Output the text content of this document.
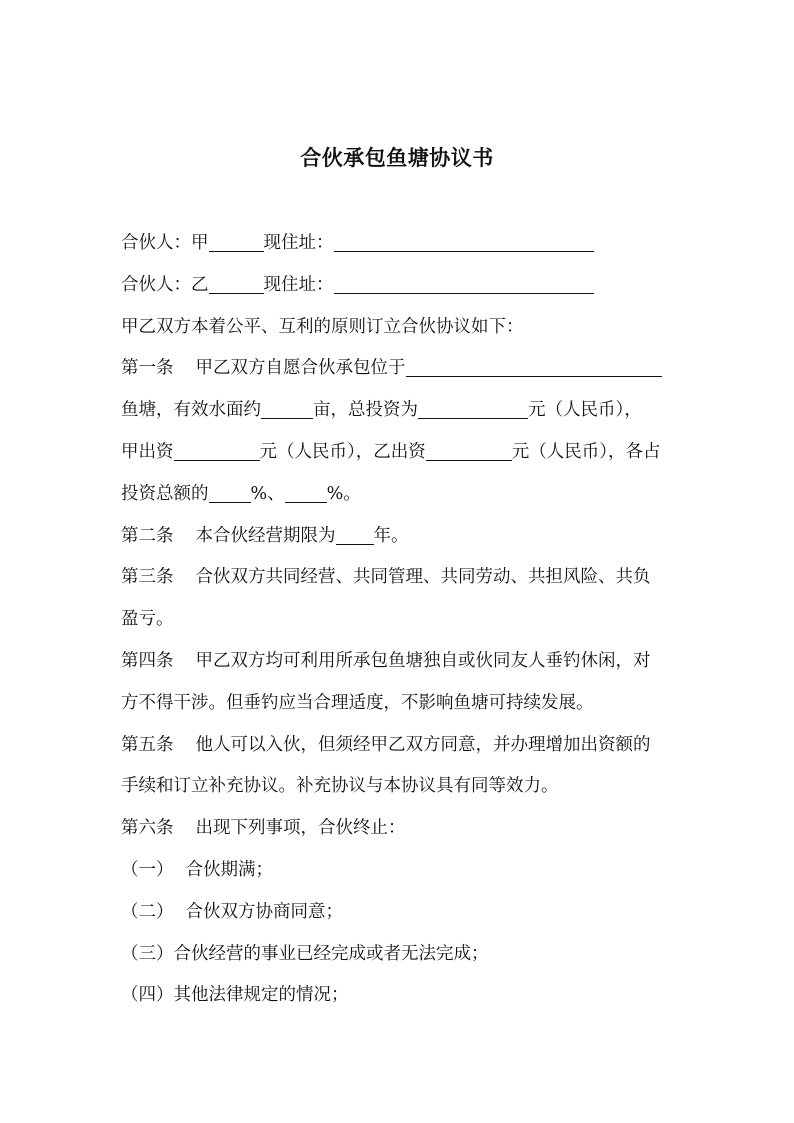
合伙承包鱼塘协议书
合伙人：甲	现住址：
合伙人：乙	现住址：
甲乙双方本着公平、互利的原则订立合伙协议如下：
第一条 甲乙双方自愿合伙承包位于
鱼塘，有效水面约	亩，总投资为	元（人民币），
甲出资	元（人民币），乙出资	元（人民币），各占
投资总额的 %、 %。
第二条 本合伙经营期限为 年。
第三条 合伙双方共同经营、共同管理、共同劳动、共担风险、共负
盈亏。
第四条 甲乙双方均可利用所承包鱼塘独自或伙同友人垂钓休闲，对
方不得干涉。但垂钓应当合理适度，不影响鱼塘可持续发展。
第五条 他人可以入伙，但须经甲乙双方同意，并办理增加出资额的
手续和订立补充协议。补充协议与本协议具有同等效力。
第六条 出现下列事项，合伙终止：
（一） 合伙期满；
（二） 合伙双方协商同意；
（三）合伙经营的事业已经完成或者无法完成；
（四）其他法律规定的情况；
